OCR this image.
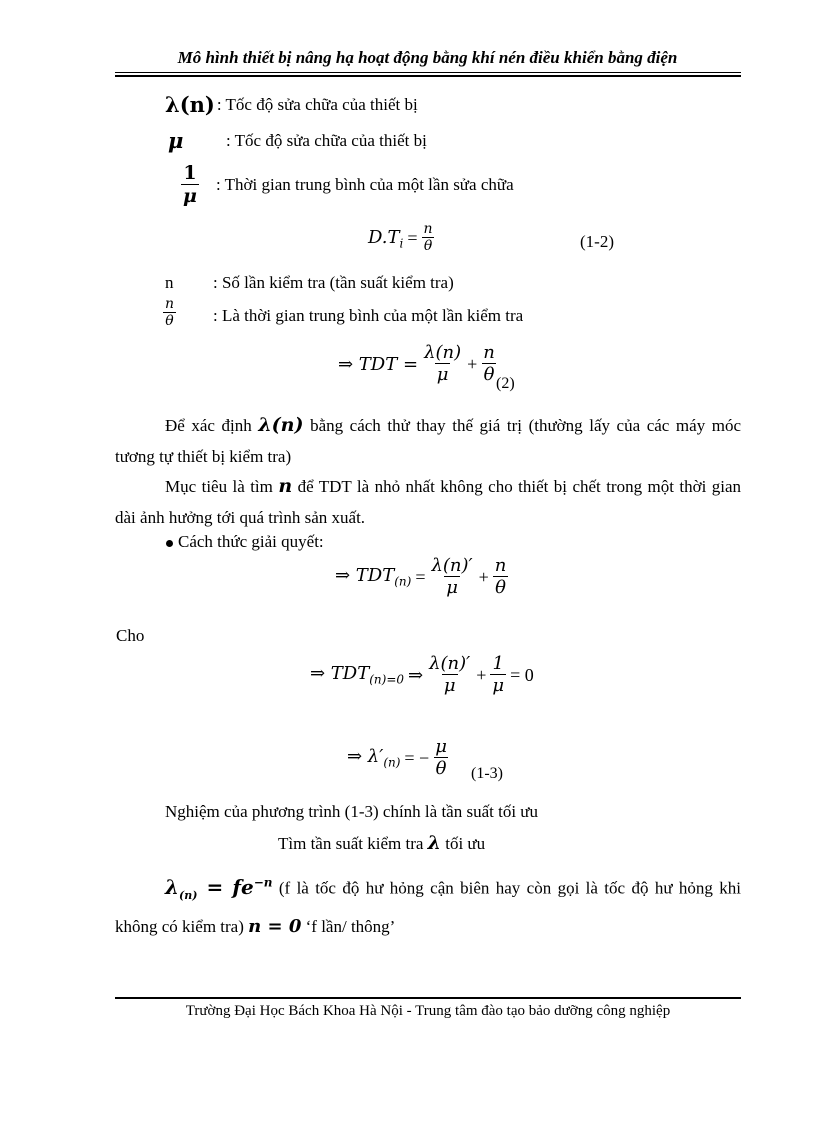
Mô hình thiết bị nâng hạ hoạt động bằng khí nén điều khiển bằng điện
λ(n) : Tốc độ sửa chữa của thiết bị
μ	: Tốc độ sửa chữa của thiết bị
$\frac{1}{\mu}$ : Thời gian trung bình của một lần sửa chữa
$D.T_i = \frac{n}{\theta}$	(1-2)
n : Số lần kiểm tra (tần suất kiểm tra)
$\frac{n}{\theta}$ : Là thời gian trung bình của một lần kiểm tra
⇒ TDT = $\frac{\lambda(n)}{\mu} + \frac{n}{\theta} (2)$
Để xác định λ(n) bằng cách thử thay thế giá trị (thường lấy của các máy móc tương tự thiết bị kiểm tra)
Mục tiêu là tìm n để TDT là nhỏ nhất không cho thiết bị chết trong một thời gian dài ảnh hưởng tới quá trình sản xuất.
Cách thức giải quyết:
⇒ $TDT_{(n)} = \frac{\lambda(n)'}{\mu} + \frac{n}{\theta}$
Cho
⇒ $TDT_{(n)=0}$ ⇒ $\frac{\lambda(n)'}{\mu} + \frac{1}{\mu} = 0$
⇒ $\lambda'_{(n)}$ = − $\frac{\mu}{\theta} (1-3)$
Nghiệm của phương trình (1-3) chính là tần suất tối ưu
Tìm tần suất kiểm tra λ tối ưu
$\lambda_{(n)} = fe^{-n}$ (f là tốc độ hư hỏng cận biên hay còn gọi là tốc độ hư hỏng khi không có kiểm tra) n = 0 ‘f lần/ thông’
Trường Đại Học Bách Khoa Hà Nội - Trung tâm đào tạo bảo dưỡng công nghiệp
